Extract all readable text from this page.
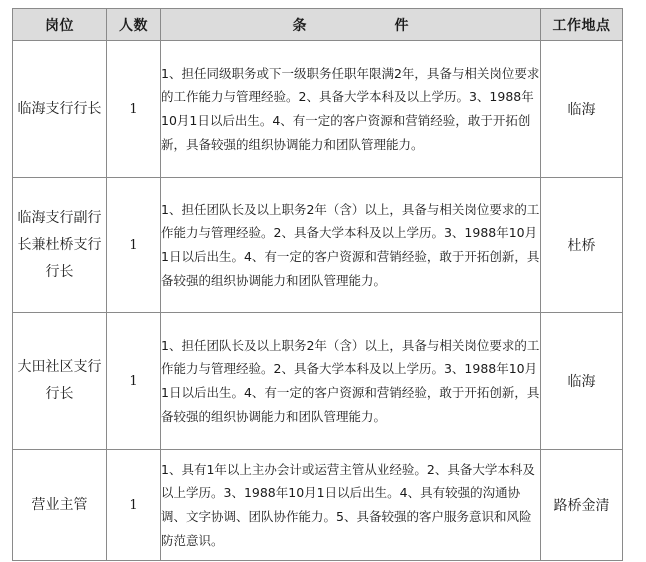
岗位	人数	条 件	工作地点
临海支行行长	1	1、担任同级职务或下一级职务任职年限满2年，具备与相关岗位要求的工作能力与管理经验。2、具备大学本科及以上学历。3、1988年10月1日以后出生。4、有一定的客户资源和营销经验，敢于开拓创新，具备较强的组织协调能力和团队管理能力。	临海
临海支行副行长兼杜桥支行行长	1	1、担任团队长及以上职务2年（含）以上，具备与相关岗位要求的工作能力与管理经验。2、具备大学本科及以上学历。3、1988年10月1日以后出生。4、有一定的客户资源和营销经验，敢于开拓创新，具备较强的组织协调能力和团队管理能力。	杜桥
大田社区支行行长	1	1、担任团队长及以上职务2年（含）以上，具备与相关岗位要求的工作能力与管理经验。2、具备大学本科及以上学历。3、1988年10月1日以后出生。4、有一定的客户资源和营销经验，敢于开拓创新，具备较强的组织协调能力和团队管理能力。	临海
营业主管	1	1、具有1年以上主办会计或运营主管从业经验。2、具备大学本科及以上学历。3、1988年10月1日以后出生。4、具有较强的沟通协调、文字协调、团队协作能力。5、具备较强的客户服务意识和风险防范意识。	路桥金清
